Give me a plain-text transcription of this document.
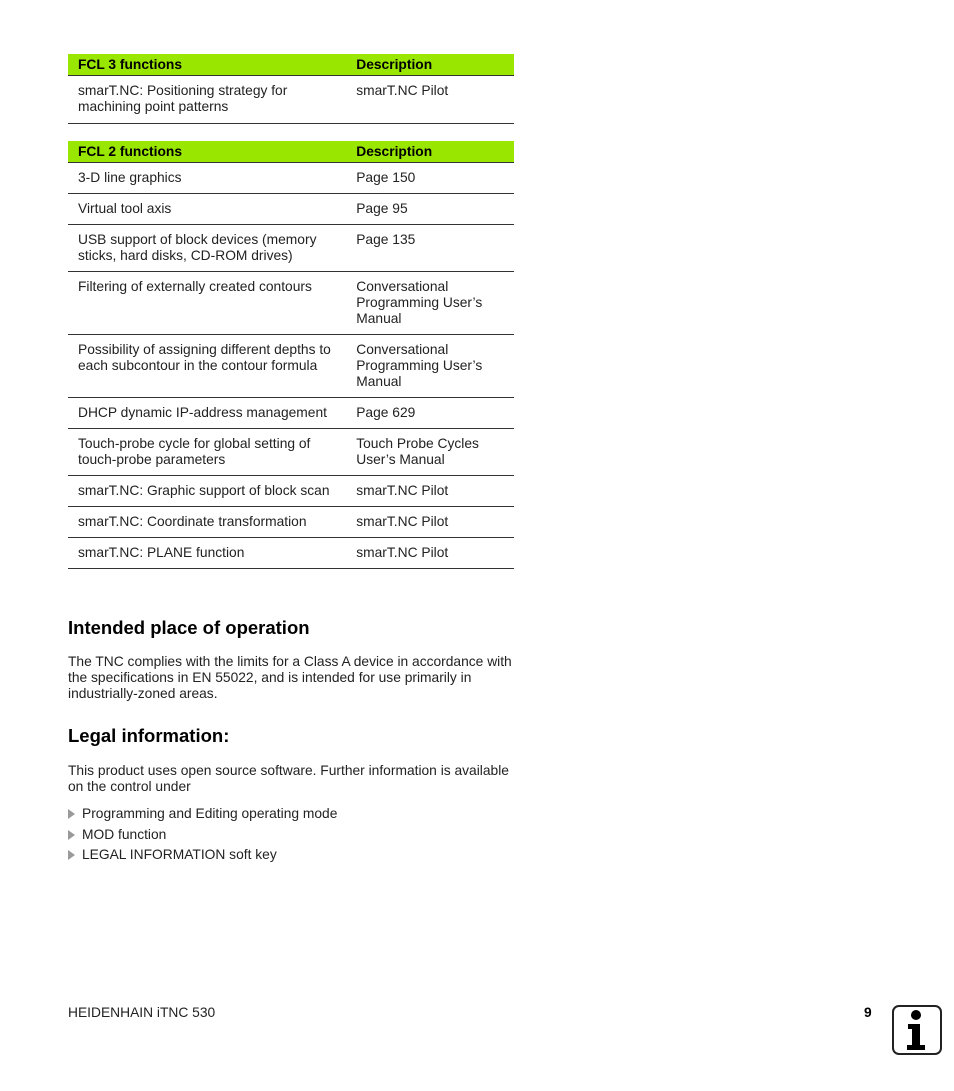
FCL 3 functions	Description
smarT.NC: Positioning strategy for machining point patterns	smarT.NC Pilot
FCL 2 functions	Description
3-D line graphics	Page 150
Virtual tool axis	Page 95
USB support of block devices (memory sticks, hard disks, CD-ROM drives)	Page 135
Filtering of externally created contours	Conversational Programming User’s Manual
Possibility of assigning different depths to each subcontour in the contour formula	Conversational Programming User’s Manual
DHCP dynamic IP-address management	Page 629
Touch-probe cycle for global setting of touch-probe parameters	Touch Probe Cycles User’s Manual
smarT.NC: Graphic support of block scan	smarT.NC Pilot
smarT.NC: Coordinate transformation	smarT.NC Pilot
smarT.NC: PLANE function	smarT.NC Pilot
Intended place of operation

The TNC complies with the limits for a Class A device in accordance with the specifications in EN 55022, and is intended for use primarily in industrially-zoned areas.

Legal information:

This product uses open source software. Further information is available on the control under

Programming and Editing operating mode
MOD function
LEGAL INFORMATION soft key
HEIDENHAIN iTNC 530	9
